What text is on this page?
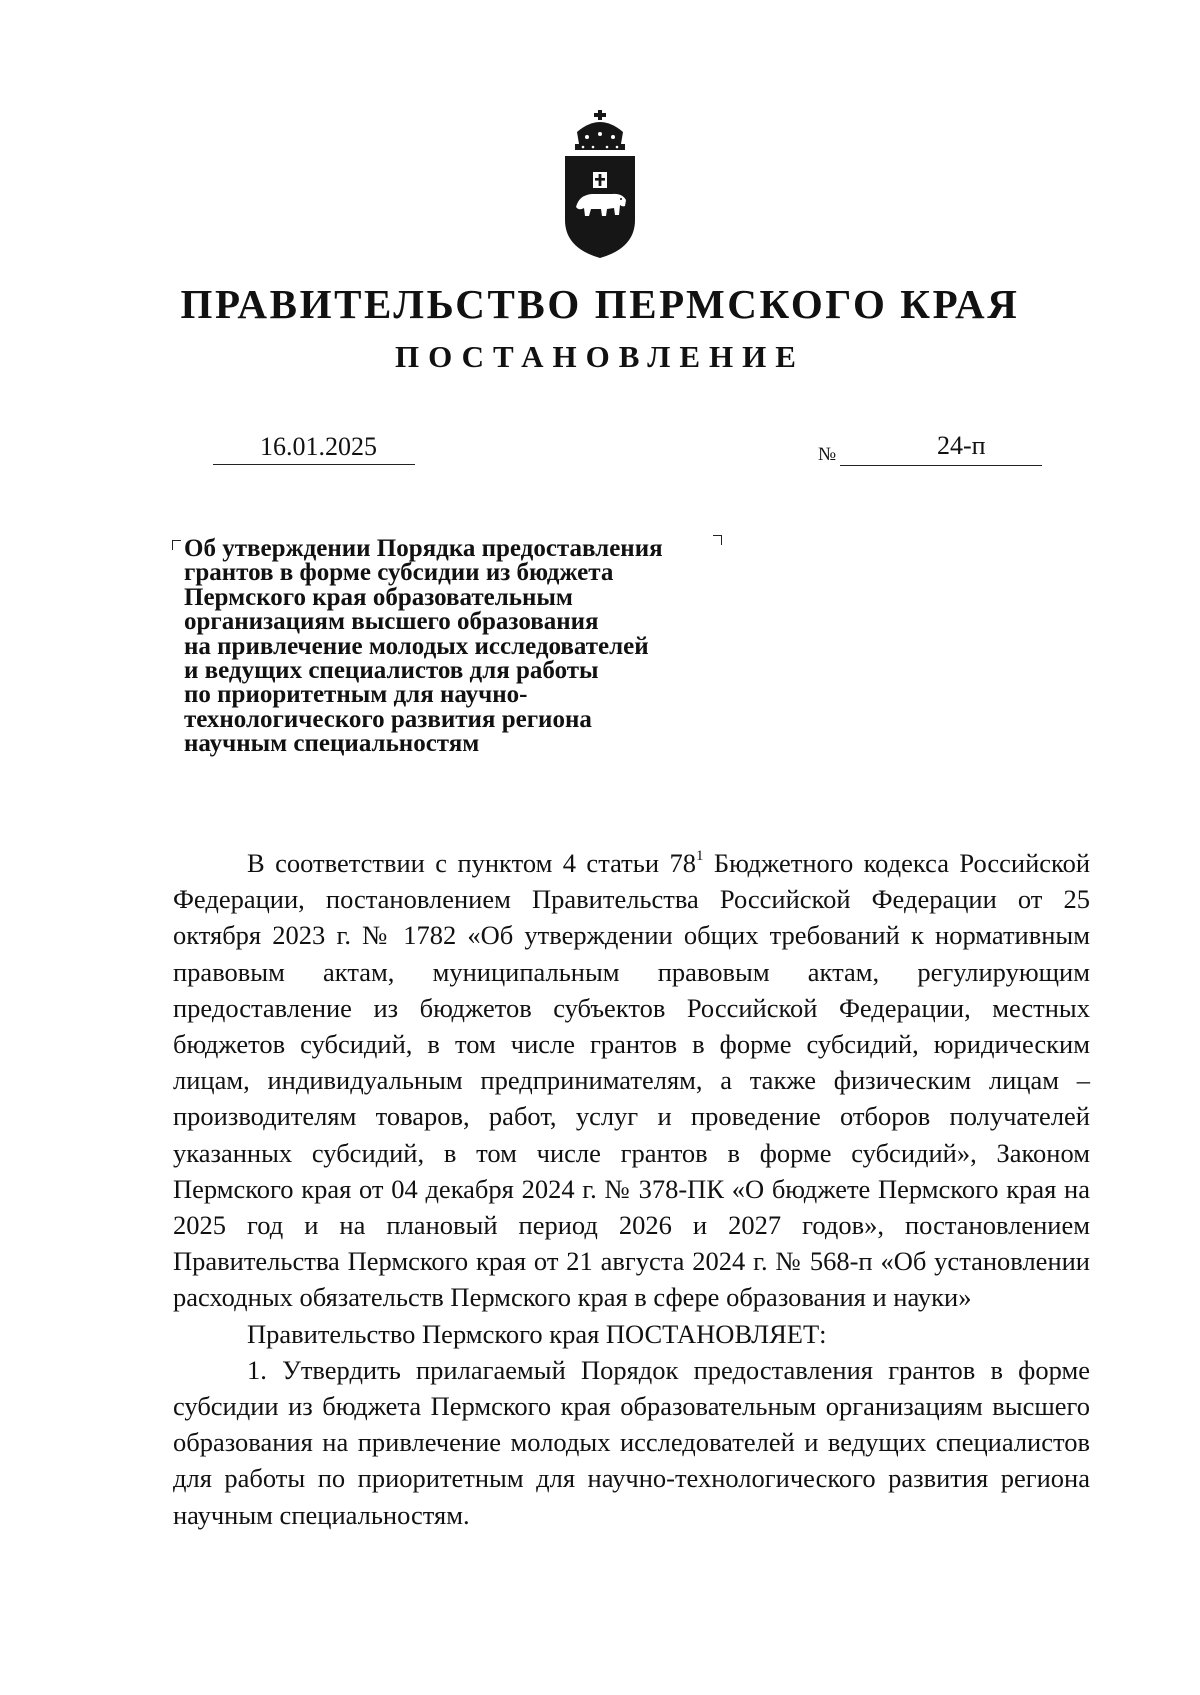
ПРАВИТЕЛЬСТВО ПЕРМСКОГО КРАЯ
ПОСТАНОВЛЕНИЕ
16.01.2025	№	24-п
Об утверждении Порядка предоставления
грантов в форме субсидии из бюджета
Пермского края образовательным
организациям высшего образования
на привлечение молодых исследователей
и ведущих специалистов для работы
по приоритетным для научно-
технологического развития региона
научным специальностям

В соответствии с пунктом 4 статьи $78^1$ Бюджетного кодекса Российской Федерации, постановлением Правительства Российской Федерации от 25 октября 2023 г. № 1782 «Об утверждении общих требований к нормативным правовым актам, муниципальным правовым актам, регулирующим предоставление из бюджетов субъектов Российской Федерации, местных бюджетов субсидий, в том числе грантов в форме субсидий, юридическим лицам, индивидуальным предпринимателям, а также физическим лицам – производителям товаров, работ, услуг и проведение отборов получателей указанных субсидий, в том числе грантов в форме субсидий», Законом Пермского края от 04 декабря 2024 г. № 378-ПК «О бюджете Пермского края на 2025 год и на плановый период 2026 и 2027 годов», постановлением Правительства Пермского края от 21 августа 2024 г. № 568-п «Об установлении расходных обязательств Пермского края в сфере образования и науки»

Правительство Пермского края ПОСТАНОВЛЯЕТ:

1. Утвердить прилагаемый Порядок предоставления грантов в форме субсидии из бюджета Пермского края образовательным организациям высшего образования на привлечение молодых исследователей и ведущих специалистов для работы по приоритетным для научно-технологического развития региона научным специальностям.
